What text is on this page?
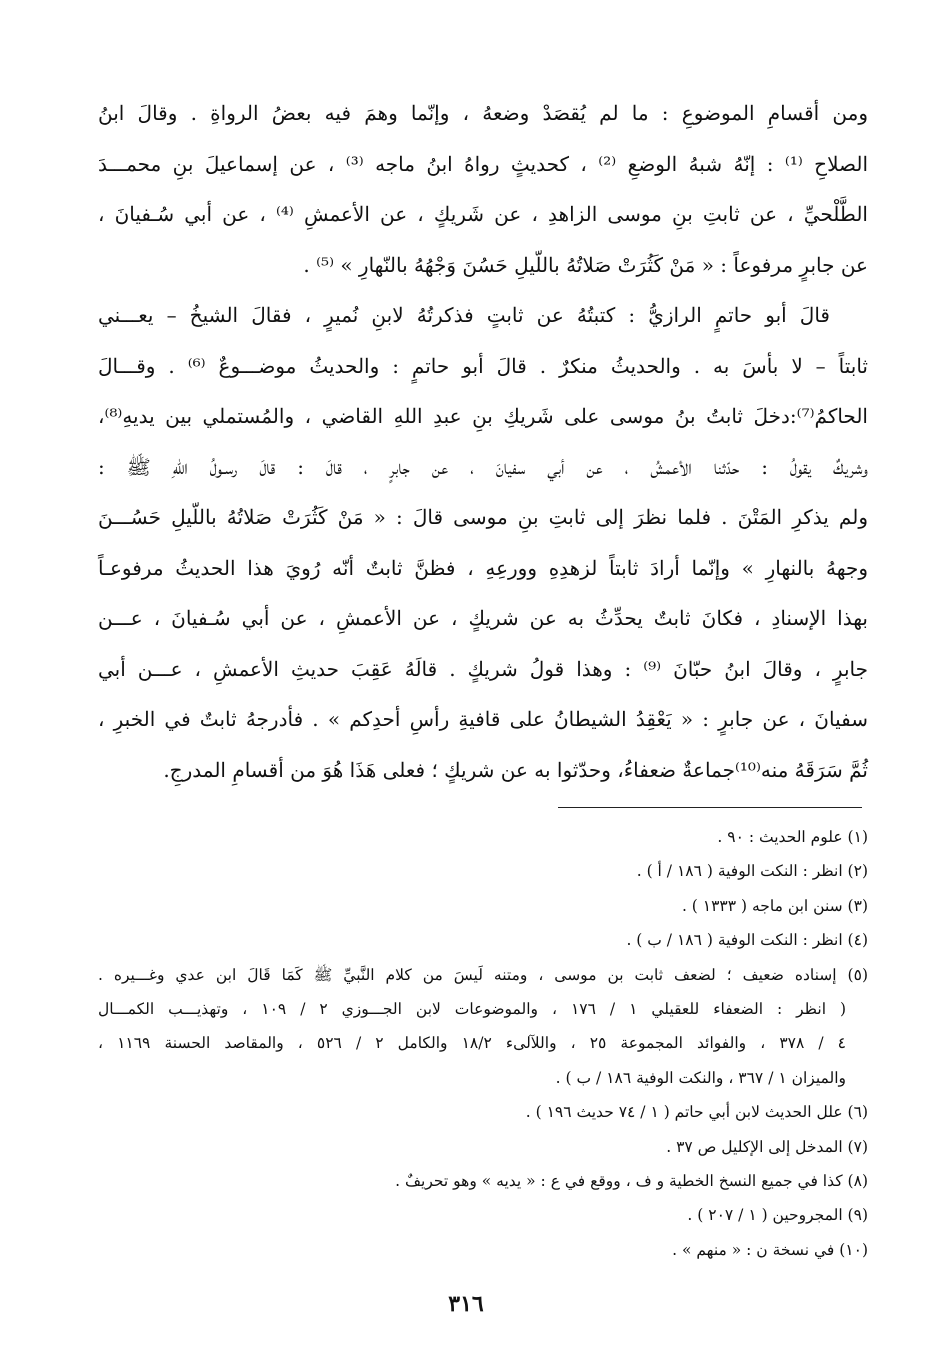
ومن أقسامِ الموضوعِ : ما لم يُقصَدْ وضعهُ ، وإنّما وهمَ فيه بعضُ الرواةِ . وقالَ ابنُ
الصلاحِ ⁽¹⁾ : إنّهُ شبهُ الوضعِ ⁽²⁾ ، كحديثٍ رواهُ ابنُ ماجه ⁽³⁾ ، عن إسماعيلَ بنِ محمـــدَ
الطَّلْحيِّ ، عن ثابتِ بنِ موسى الزاهدِ ، عن شَريكٍ ، عن الأعمشِ ⁽⁴⁾ ، عن أبي سُـفيانَ ،
عن جابرٍ مرفوعاً : « مَنْ كَثُرَتْ صَلاتُهُ باللّيلِ حَسُنَ وَجْهُهُ بالنّهارِ » ⁽⁵⁾ .
قالَ أبو حاتمٍ الرازيُّ : كتبتُهُ عن ثابتٍ فذكرتُهُ لابنِ نُميرٍ ، فقالَ الشيخُ – يعـــني
ثابتاً – لا بأسَ به . والحديثُ منكرٌ . قالَ أبو حاتمٍ : والحديثُ موضـــوعٌ ⁽⁶⁾ . وقـــالَ
الحاكمُ⁽⁷⁾:دخلَ ثابتُ بنُ موسى على شَريكِ بنِ عبدِ اللهِ القاضي ، والمُستملي بين يديهِ⁽⁸⁾،
وشريكٌ يقولُ : حدّثنا الأعمشُ ، عن أبي سفيانَ ، عن جابرٍ ، قالَ : قالَ رسـولُ اللهِ ﷺ :
ولم يذكرِ المَتْنَ . فلما نظرَ إلى ثابتِ بنِ موسى قالَ : « مَنْ كَثُرَتْ صَلاتُهُ باللّيلِ حَسُـــنَ
وجههُ بالنهارِ » وإنّما أرادَ ثابتاً لزهدِهِ وورعِهِ ، فظنَّ ثابتٌ أنّه رُويَ هذا الحديثُ مرفوعـاً
بهذا الإسنادِ ، فكانَ ثابتٌ يحدِّثُ به عن شريكٍ ، عن الأعمشِ ، عن أبي سُـفيانَ ، عـــن
جابرٍ ، وقالَ ابنُ حبّانَ ⁽⁹⁾ : وهذا قولُ شريكٍ . قالَهُ عَقِبَ حديثِ الأعمشِ ، عـــن أبي
سفيانَ ، عن جابرٍ : « يَعْقِدُ الشيطانُ على قافيةِ رأسِ أحدِكم » . فأدرجهُ ثابتٌ في الخبرِ ،
ثُمَّ سَرَقَهُ منه⁽¹⁰⁾جماعةٌ ضعفاءُ، وحدّثوا به عن شريكٍ ؛ فعلى هَذَا هُوَ من أقسامِ المدرجِ.
(١) علوم الحديث : ٩٠ .
(٢) انظر : النكت الوفية ( ١٨٦ / أ ) .
(٣) سنن ابن ماجه ( ١٣٣٣ ) .
(٤) انظر : النكت الوفية ( ١٨٦ / ب ) .
(٥) إسناده ضعيف ؛ لضعف ثابت بن موسى ، ومتنه لَيسَ من كلام النَّبيِّ ﷺ كَمَا قَالَ ابن عدي وغـــيره .
( انظر : الضعفاء للعقيلي ١ / ١٧٦ ، والموضوعات لابن الجـــوزي ٢ / ١٠٩ ، وتهذيـــب الكمـــال
٤ / ٣٧٨ ، والفوائد المجموعة ٢٥ ، واللآلىء ١٨/٢ والكامل ٢ / ٥٢٦ ، والمقاصد الحسنة ١١٦٩ ،
والميزان ١ / ٣٦٧ ، والنكت الوفية ١٨٦ / ب ) .
(٦) علل الحديث لابن أبي حاتم ( ١ / ٧٤ حديث ١٩٦ ) .
(٧) المدخل إلى الإكليل ص ٣٧ .
(٨) كذا في جميع النسخ الخطية و ف ، ووقع في ع : « يديه » وهو تحريفٌ .
(٩) المجروحين ( ١ / ٢٠٧ ) .
(١٠) في نسخة ن : « منهم » .
٣١٦
